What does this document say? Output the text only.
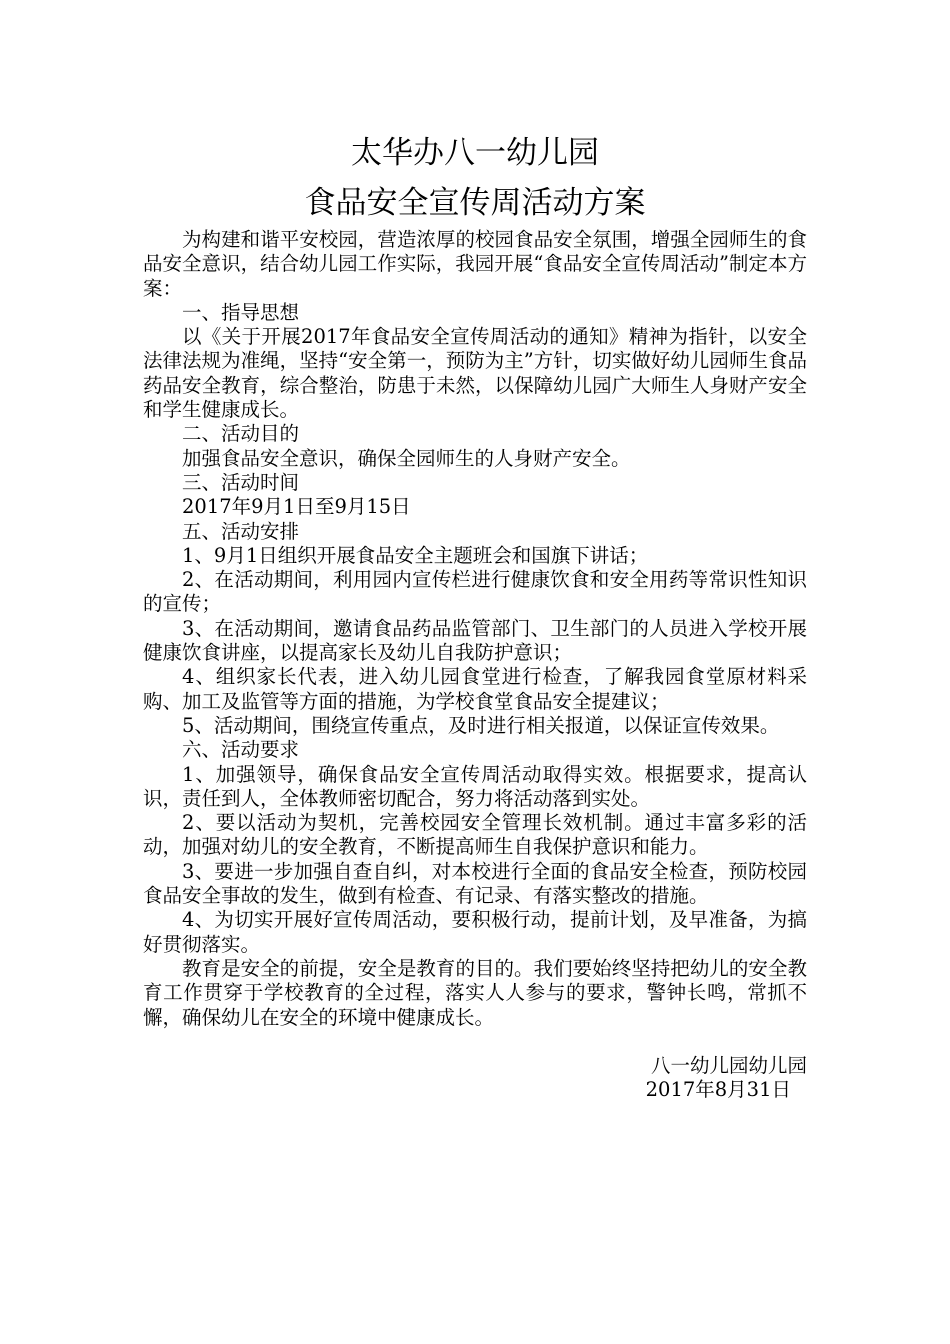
太华办八一幼儿园
食品安全宣传周活动方案

为构建和谐平安校园，营造浓厚的校园食品安全氛围，增强全园师生的食品安全意识，结合幼儿园工作实际，我园开展“食品安全宣传周活动”制定本方案：

一、指导思想

以《关于开展2017年食品安全宣传周活动的通知》精神为指针，以安全法律法规为准绳，坚持“安全第一，预防为主”方针，切实做好幼儿园师生食品药品安全教育，综合整治，防患于未然，以保障幼儿园广大师生人身财产安全和学生健康成长。

二、活动目的

加强食品安全意识，确保全园师生的人身财产安全。

三、活动时间

2017年9月1日至9月15日

五、活动安排

1、9月1日组织开展食品安全主题班会和国旗下讲话；

2、在活动期间，利用园内宣传栏进行健康饮食和安全用药等常识性知识的宣传；

3、在活动期间，邀请食品药品监管部门、卫生部门的人员进入学校开展健康饮食讲座，以提高家长及幼儿自我防护意识；

4、组织家长代表，进入幼儿园食堂进行检查，了解我园食堂原材料采购、加工及监管等方面的措施，为学校食堂食品安全提建议；

5、活动期间，围绕宣传重点，及时进行相关报道，以保证宣传效果。

六、活动要求

1、加强领导，确保食品安全宣传周活动取得实效。根据要求，提高认识，责任到人，全体教师密切配合，努力将活动落到实处。

2、要以活动为契机，完善校园安全管理长效机制。通过丰富多彩的活动，加强对幼儿的安全教育，不断提高师生自我保护意识和能力。

3、要进一步加强自查自纠，对本校进行全面的食品安全检查，预防校园食品安全事故的发生，做到有检查、有记录、有落实整改的措施。

4、为切实开展好宣传周活动，要积极行动，提前计划，及早准备，为搞好贯彻落实。

教育是安全的前提，安全是教育的目的。我们要始终坚持把幼儿的安全教育工作贯穿于学校教育的全过程，落实人人参与的要求，警钟长鸣，常抓不懈，确保幼儿在安全的环境中健康成长。

八一幼儿园幼儿园
2017年8月31日
